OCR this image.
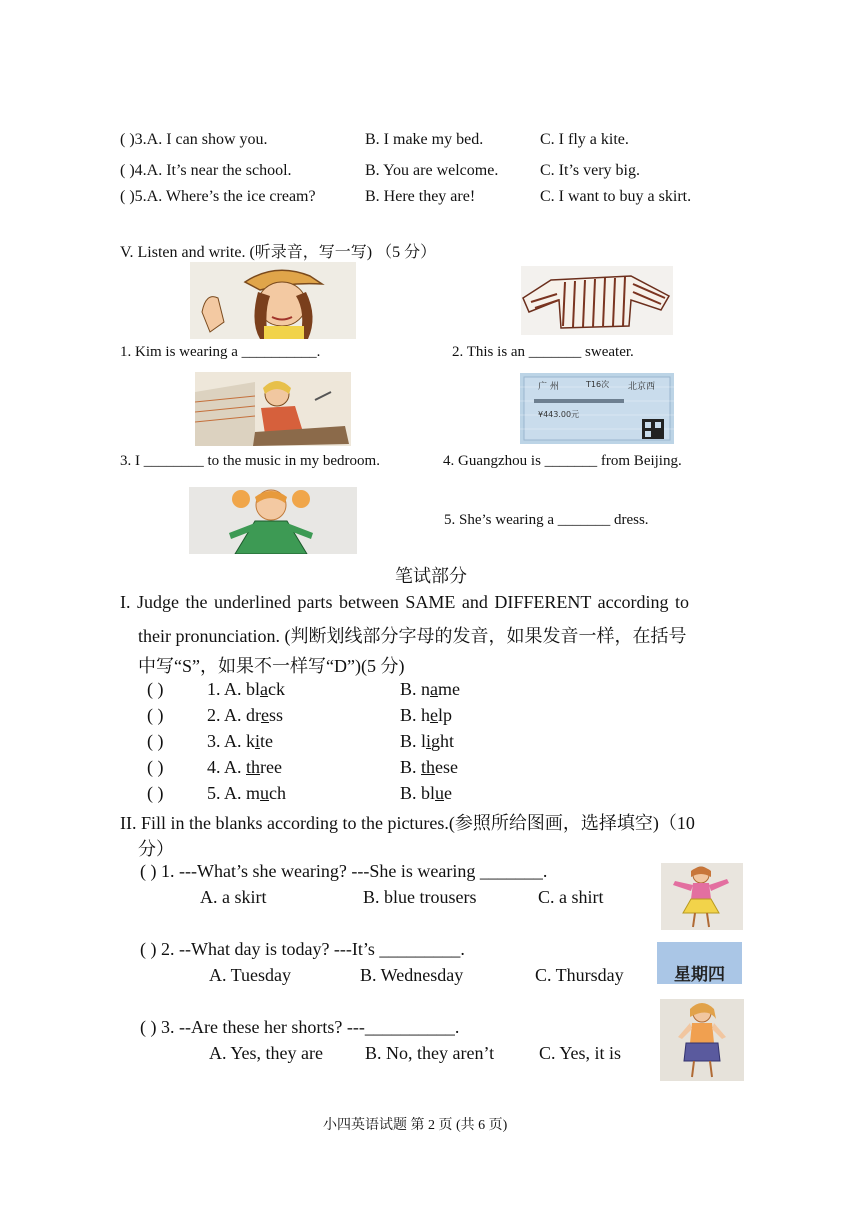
( )3.A. I can show you.	B. I make my bed.	C. I fly a kite.
( )4.A. It’s near the school.	B. You are welcome.	C. It’s very big.
( )5.A. Where’s the ice cream?	B. Here they are!	C. I want to buy a skirt.
V. Listen and write. (听录音，写一写) （5 分）
1. Kim is wearing a __________.	2. This is an _______ sweater.
广 州	T16次 北京西
¥443.00元
3. I ________ to the music in my bedroom.	4. Guangzhou is _______ from Beijing.
5. She’s wearing a _______ dress.
笔试部分
I. Judge the underlined parts between SAME and DIFFERENT according to
their pronunciation. (判断划线部分字母的发音，如果发音一样，在括号
中写“S”，如果不一样写“D”)(5 分)
( ) 1. A. black	B. name
( ) 2. A. dress	B. help
( ) 3. A. kite	B. light
( ) 4. A. three	B. these
( ) 5. A. much	B. blue
II. Fill in the blanks according to the pictures.(参照所给图画，选择填空)（10
分）
( ) 1. ---What’s she wearing? ---She is wearing _______.
A. a skirt	B. blue trousers	C. a shirt
( ) 2. --What day is today? ---It’s _________.
A. Tuesday	B. Wednesday	C. Thursday	星期四
( ) 3. --Are these her shorts? ---__________.
A. Yes, they are B. No, they aren’t C. Yes, it is
小四英语试题 第 2 页 (共 6 页)
